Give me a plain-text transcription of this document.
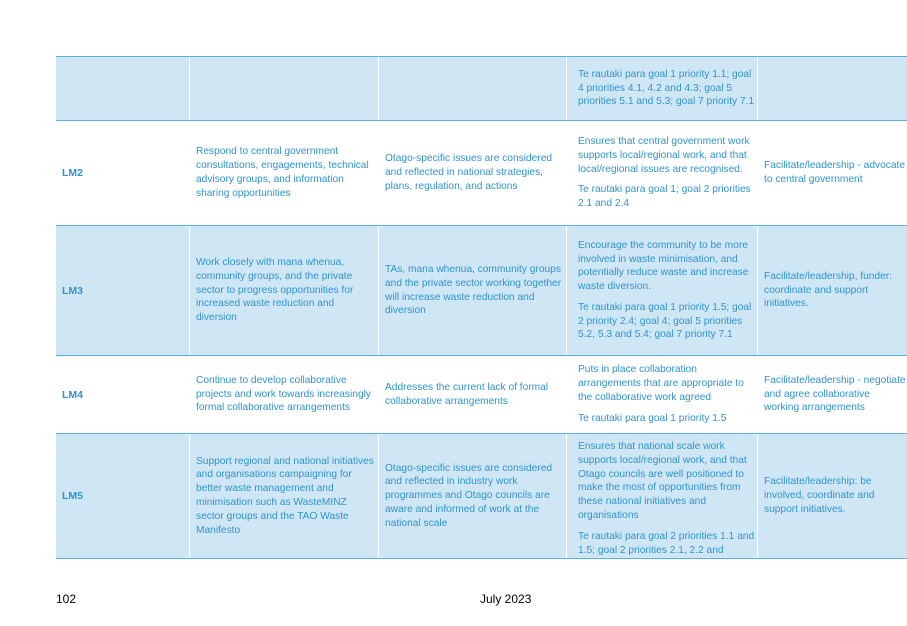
Te rautaki para goal 1 priority 1.1; goal 4 priorities 4.1, 4.2 and 4.3; goal 5 priorities 5.1 and 5.3; goal 7 priority 7.1
LM2
Respond to central government consultations, engagements, technical advisory groups, and information sharing opportunities
Otago-specific issues are considered and reflected in national strategies, plans, regulation, and actions
Ensures that central government work supports local/regional work, and that local/regional issues are recognised.
Te rautaki para goal 1; goal 2 priorities 2.1 and 2.4
Facilitate/leadership - advocate to central government
LM3
Work closely with mana whenua, community groups, and the private sector to progress opportunities for increased waste reduction and diversion
TAs, mana whenua, community groups and the private sector working together will increase waste reduction and diversion
Encourage the community to be more involved in waste minimisation, and potentially reduce waste and increase waste diversion.
Te rautaki para goal 1 priority 1.5; goal 2 priority 2.4; goal 4; goal 5 priorities 5.2, 5.3 and 5.4; goal 7 priority 7.1
Facilitate/leadership, funder: coordinate and support initiatives.
LM4
Continue to develop collaborative projects and work towards increasingly formal collaborative arrangements
Addresses the current lack of formal collaborative arrangements
Puts in place collaboration arrangements that are appropriate to the collaborative work agreed
Te rautaki para goal 1 priority 1.5
Facilitate/leadership - negotiate and agree collaborative working arrangements
LM5
Support regional and national initiatives and organisations campaigning for better waste management and minimisation such as WasteMINZ sector groups and the TAO Waste Manifesto
Otago-specific issues are considered and reflected in industry work programmes and Otago councils are aware and informed of work at the national scale
Ensures that national scale work supports local/regional work, and that Otago councils are well positioned to make the most of opportunities from these national initiatives and organisations
Te rautaki para goal 2 priorities 1.1 and 1.5; goal 2 priorities 2.1, 2.2 and
Facilitate/leadership: be involved, coordinate and support initiatives.
102	July 2023
